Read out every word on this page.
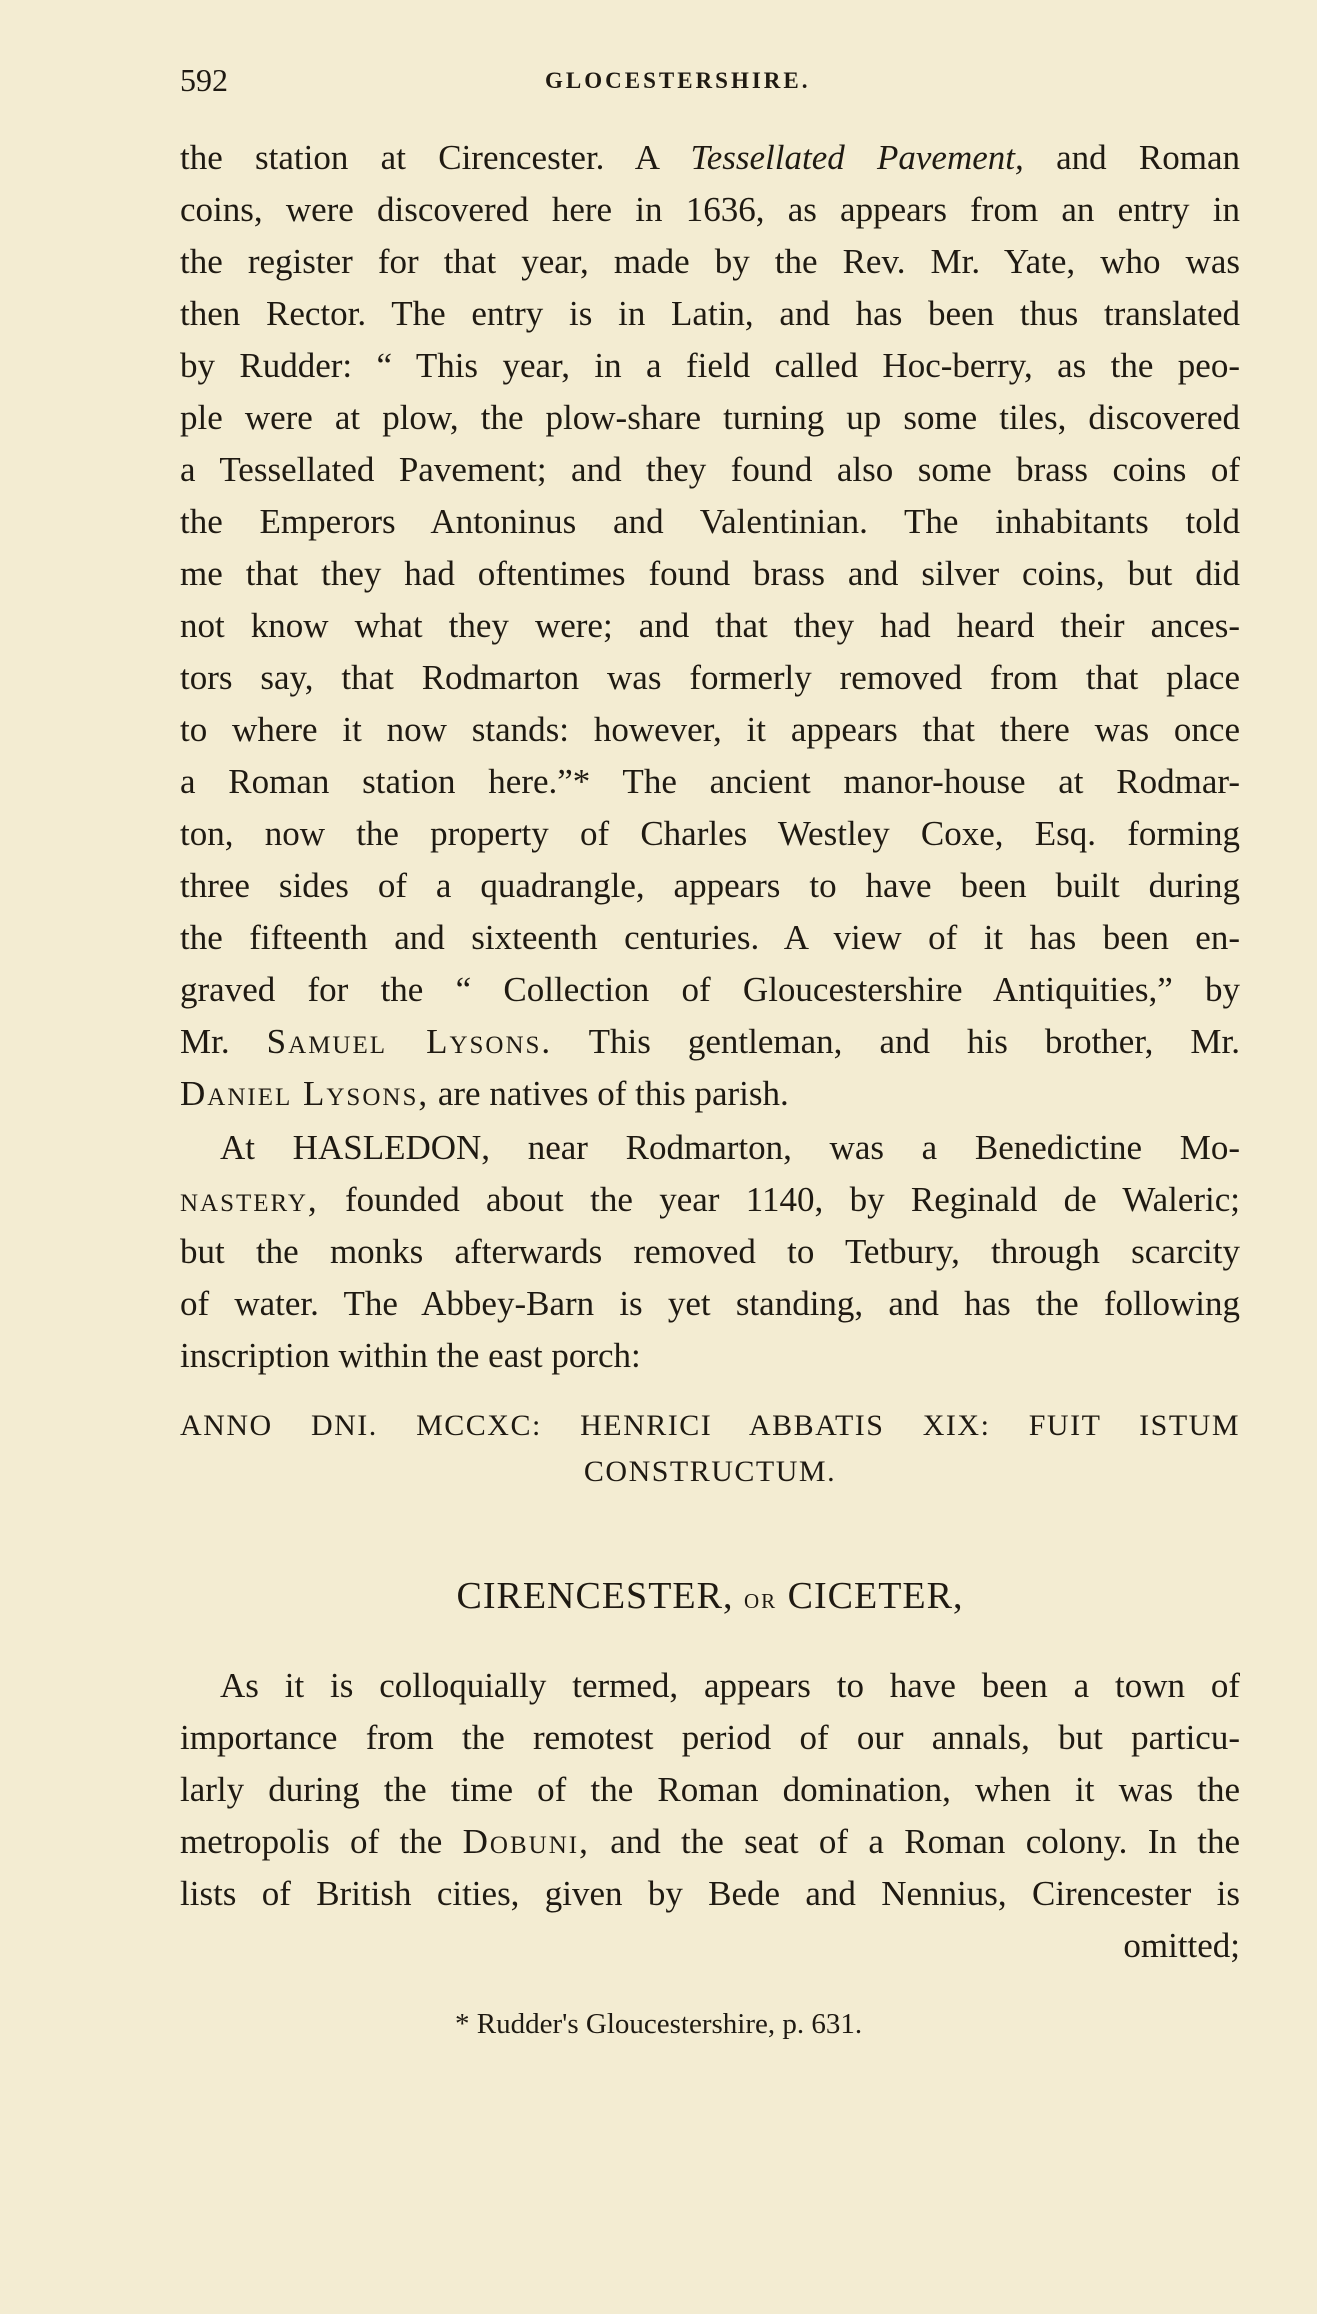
592	GLOCESTERSHIRE.
the station at Cirencester. A Tessellated Pavement, and Roman
coins, were discovered here in 1636, as appears from an entry in
the register for that year, made by the Rev. Mr. Yate, who was
then Rector. The entry is in Latin, and has been thus translated
by Rudder: “ This year, in a field called Hoc-berry, as the peo-
ple were at plow, the plow-share turning up some tiles, discovered
a Tessellated Pavement; and they found also some brass coins of
the Emperors Antoninus and Valentinian. The inhabitants told
me that they had oftentimes found brass and silver coins, but did
not know what they were; and that they had heard their ances-
tors say, that Rodmarton was formerly removed from that place
to where it now stands: however, it appears that there was once
a Roman station here.”* The ancient manor-house at Rodmar-
ton, now the property of Charles Westley Coxe, Esq. forming
three sides of a quadrangle, appears to have been built during
the fifteenth and sixteenth centuries. A view of it has been en-
graved for the “ Collection of Gloucestershire Antiquities,” by
Mr. Samuel Lysons. This gentleman, and his brother, Mr.
Daniel Lysons, are natives of this parish.
At HASLEDON, near Rodmarton, was a Benedictine Mo-
nastery, founded about the year 1140, by Reginald de Waleric;
but the monks afterwards removed to Tetbury, through scarcity
of water. The Abbey-Barn is yet standing, and has the following
inscription within the east porch:
ANNO DNI. MCCXC: HENRICI ABBATIS XIX: FUIT ISTUM
CONSTRUCTUM.
CIRENCESTER, or CICETER,
As it is colloquially termed, appears to have been a town of
importance from the remotest period of our annals, but particu-
larly during the time of the Roman domination, when it was the
metropolis of the Dobuni, and the seat of a Roman colony. In the
lists of British cities, given by Bede and Nennius, Cirencester is
omitted;
* Rudder's Gloucestershire, p. 631.
